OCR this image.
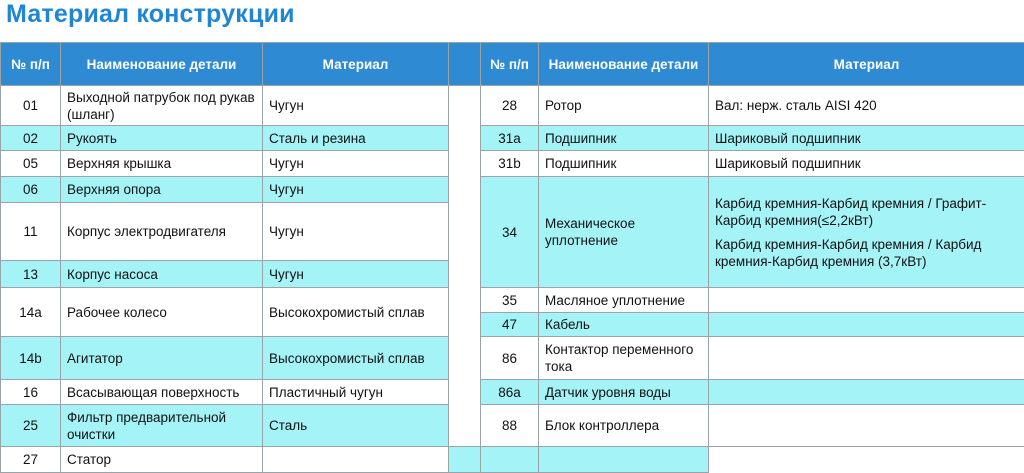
Материал конструкции
№ п/п	Наименование детали	Материал		№ п/п	Наименование детали	Материал
01	Выходной патрубок под рукав (шланг)	Чугун		28	Ротор	Вал: нерж. сталь AISI 420
02	Рукоять	Сталь и резина		31a	Подшипник	Шариковый подшипник
05	Верхняя крышка	Чугун		31b	Подшипник	Шариковый подшипник
06	Верхняя опора	Чугун		34	Механическое уплотнение	Карбид кремния-Карбид кремния / Графит-Карбид кремния(≤2,2кВт)
Карбид кремния-Карбид кремния / Карбид кремния-Карбид кремния (3,7кВт)

11	Корпус электродвигателя	Чугун				
13	Корпус насоса	Чугун				
14a	Рабочее колесо	Высокохромистый сплав		35	Масляное уплотнение	
				47	Кабель	
14b	Агитатор	Высокохромистый сплав		86	Контактор переменного тока	
16	Всасывающая поверхность	Пластичный чугун		86a	Датчик уровня воды	
25	Фильтр предварительной очистки	Сталь		88	Блок контроллера	
27	Статор					
